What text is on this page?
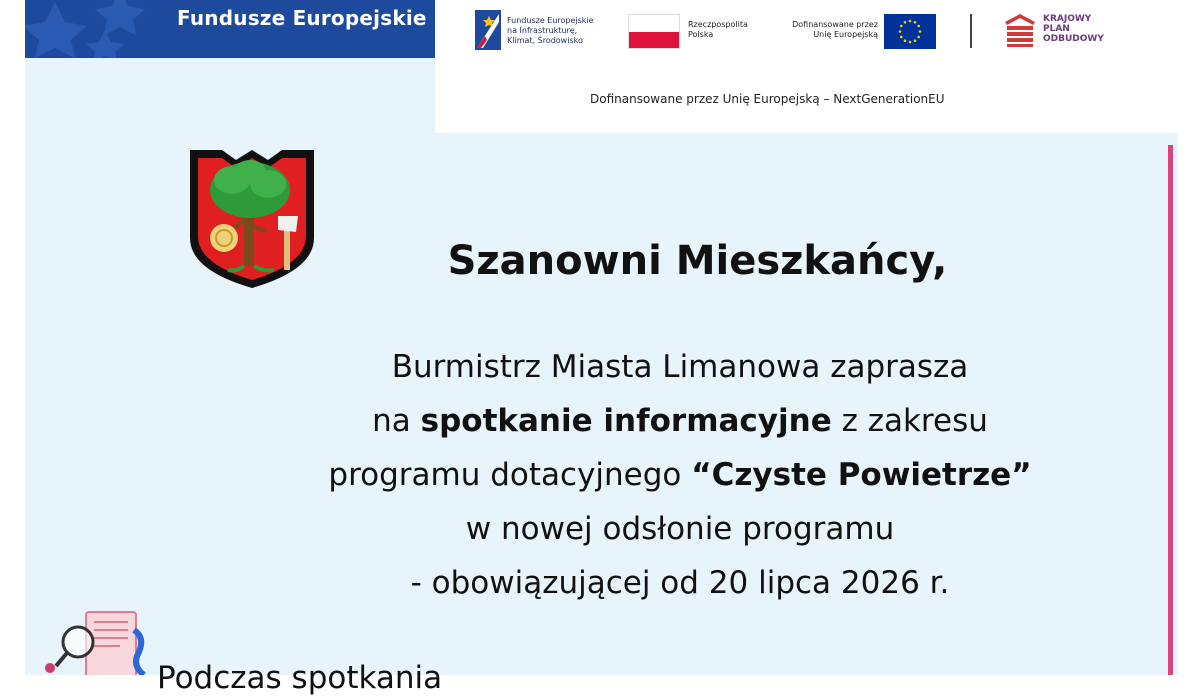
Fundusze Europejskie	Fundusze Europejskie
na Infrastrukturę,
Klimat, Środowisko
Rzeczpospolita
Polska
Dofinansowane przez
Unię Europejską
KRAJOWY
PLAN
ODBUDOWY
Dofinansowane przez Unię Europejską – NextGenerationEU
Szanowni Mieszkańcy,
Burmistrz Miasta Limanowa zaprasza
na spotkanie informacyjne z zakresu
programu dotacyjnego “Czyste Powietrze”
w nowej odsłonie programu
- obowiązującej od 20 lipca 2026 r.
Podczas spotkania
